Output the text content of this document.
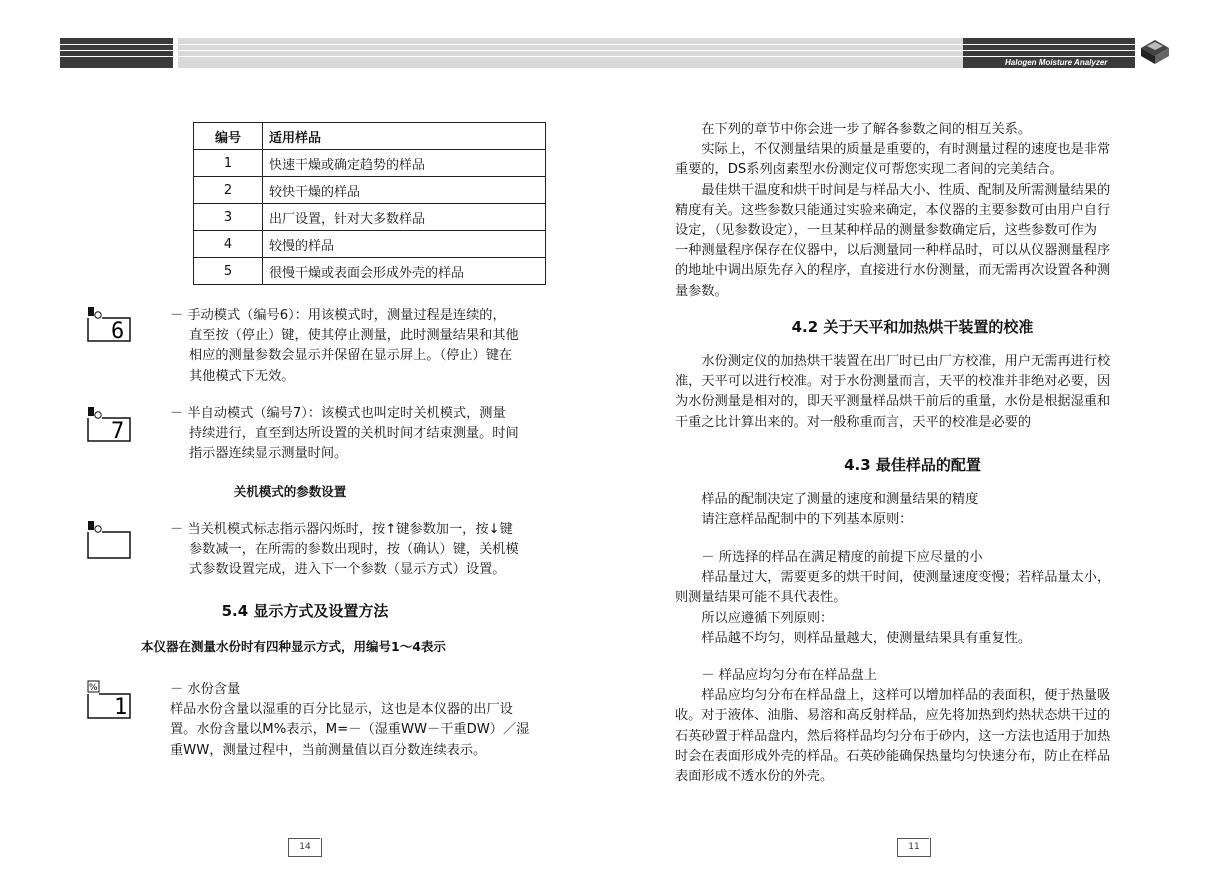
Halogen Moisture Analyzer
编号	适用样品
1	快速干燥或确定趋势的样品
2	较快干燥的样品
3	出厂设置，针对大多数样品
4	较慢的样品
5	很慢干燥或表面会形成外壳的样品
6
－ 手动模式（编号6）：用该模式时，测量过程是连续的，
直至按（停止）键，使其停止测量，此时测量结果和其他
相应的测量参数会显示并保留在显示屏上。（停止）键在
其他模式下无效。
7
－ 半自动模式（编号7）：该模式也叫定时关机模式，测量
持续进行，直至到达所设置的关机时间才结束测量。时间
指示器连续显示测量时间。
关机模式的参数设置
－ 当关机模式标志指示器闪烁时，按↑键参数加一，按↓键
参数减一，在所需的参数出现时，按（确认）键，关机模
式参数设置完成，进入下一个参数（显示方式）设置。
5.4 显示方式及设置方法
本仪器在测量水份时有四种显示方式，用编号1～4表示
%
1
－ 水份含量
样品水份含量以湿重的百分比显示，这也是本仪器的出厂设
置。水份含量以M%表示，M=－（湿重WW－干重DW）／湿
重WW，测量过程中，当前测量值以百分数连续表示。
14
　　在下列的章节中你会进一步了解各参数之间的相互关系。
　　实际上，不仅测量结果的质量是重要的，有时测量过程的速度也是非常
重要的，DS系列卤素型水份测定仪可帮您实现二者间的完美结合。
　　最佳烘干温度和烘干时间是与样品大小、性质、配制及所需测量结果的
精度有关。这些参数只能通过实验来确定，本仪器的主要参数可由用户自行
设定，（见参数设定），一旦某种样品的测量参数确定后，这些参数可作为
一种测量程序保存在仪器中，以后测量同一种样品时，可以从仪器测量程序
的地址中调出原先存入的程序，直接进行水份测量，而无需再次设置各种测
量参数。
4.2 关于天平和加热烘干装置的校准
　　水份测定仪的加热烘干装置在出厂时已由厂方校准，用户无需再进行校
准，天平可以进行校准。对于水份测量而言，天平的校准并非绝对必要，因
为水份测量是相对的，即天平测量样品烘干前后的重量，水份是根据湿重和
干重之比计算出来的。对一般称重而言，天平的校准是必要的
4.3 最佳样品的配置
　　样品的配制决定了测量的速度和测量结果的精度
　　请注意样品配制中的下列基本原则：
　　－ 所选择的样品在满足精度的前提下应尽量的小
　　样品量过大，需要更多的烘干时间，使测量速度变慢；若样品量太小，
则测量结果可能不具代表性。
　　所以应遵循下列原则：
　　样品越不均匀，则样品量越大，使测量结果具有重复性。
　　－ 样品应均匀分布在样品盘上
　　样品应均匀分布在样品盘上，这样可以增加样品的表面积，便于热量吸
收。对于液体、油脂、易溶和高反射样品，应先将加热到灼热状态烘干过的
石英砂置于样品盘内，然后将样品均匀分布于砂内，这一方法也适用于加热
时会在表面形成外壳的样品。石英砂能确保热量均匀快速分布，防止在样品
表面形成不透水份的外壳。
11
